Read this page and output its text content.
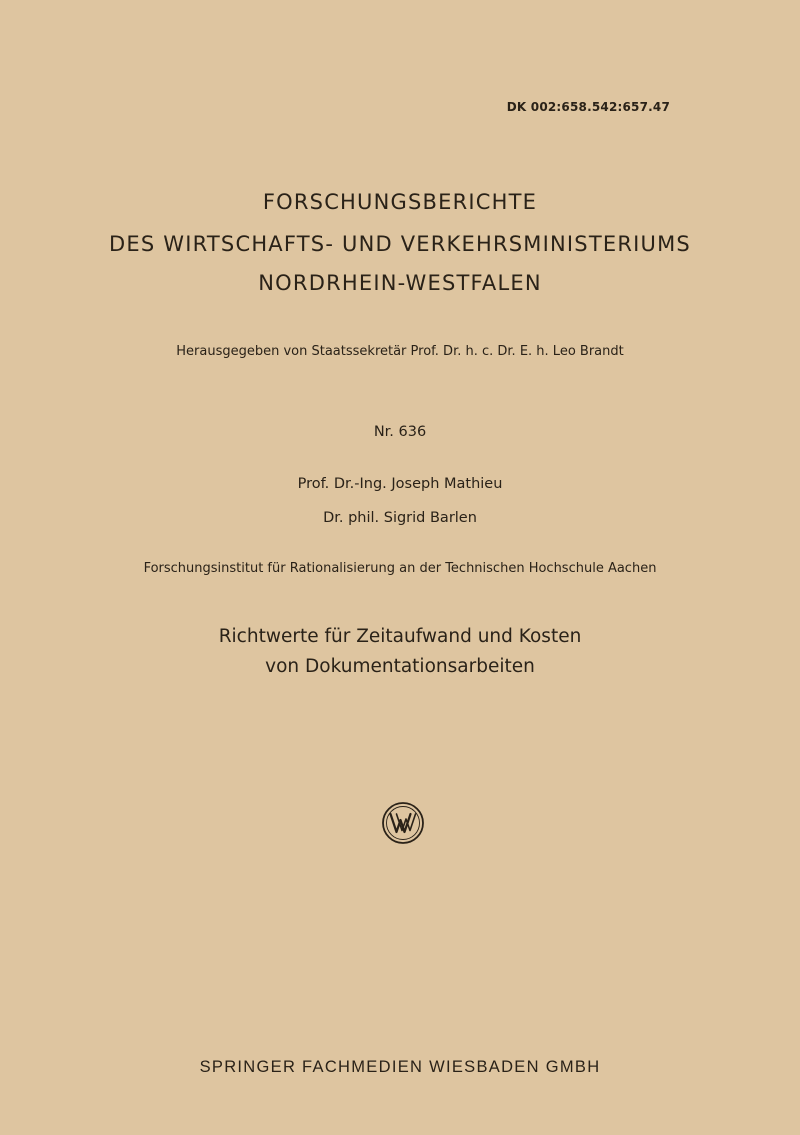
DK 002:658.542:657.47
FORSCHUNGSBERICHTE
DES WIRTSCHAFTS- UND VERKEHRSMINISTERIUMS
NORDRHEIN-WESTFALEN
Herausgegeben von Staatssekretär Prof. Dr. h. c. Dr. E. h. Leo Brandt
Nr. 636
Prof. Dr.-Ing. Joseph Mathieu
Dr. phil. Sigrid Barlen
Forschungsinstitut für Rationalisierung an der Technischen Hochschule Aachen
Richtwerte für Zeitaufwand und Kosten
von Dokumentationsarbeiten
SPRINGER FACHMEDIEN WIESBADEN GMBH
